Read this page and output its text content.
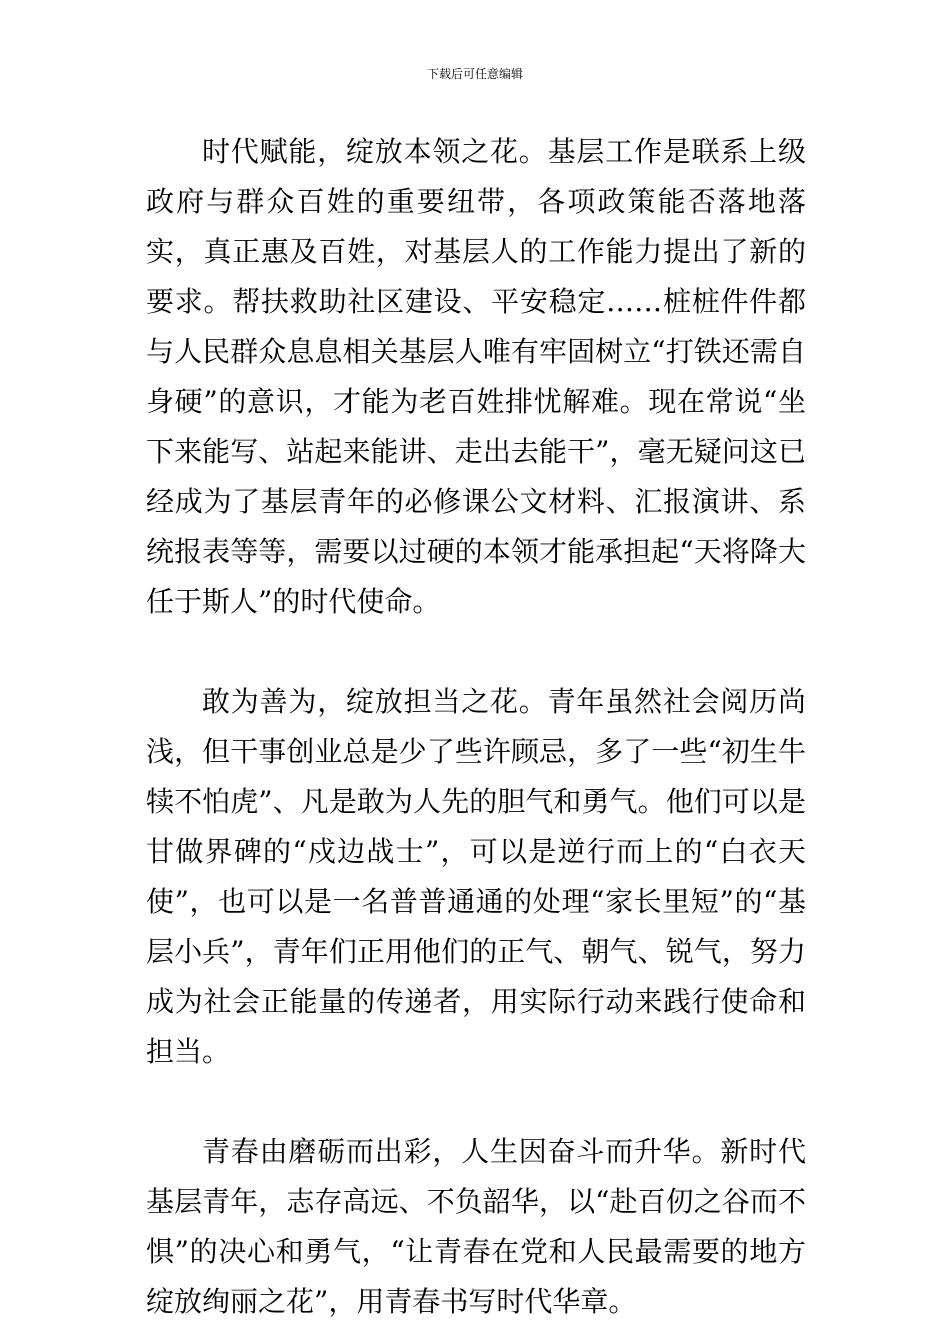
下载后可任意编辑

时代赋能，绽放本领之花。基层工作是联系上级政府与群众百姓的重要纽带，各项政策能否落地落实，真正惠及百姓，对基层人的工作能力提出了新的要求。帮扶救助社区建设、平安稳定……桩桩件件都与人民群众息息相关基层人唯有牢固树立“打铁还需自身硬”的意识，才能为老百姓排忧解难。现在常说“坐下来能写、站起来能讲、走出去能干”，毫无疑问这已经成为了基层青年的必修课公文材料、汇报演讲、系统报表等等，需要以过硬的本领才能承担起“天将降大任于斯人”的时代使命。

敢为善为，绽放担当之花。青年虽然社会阅历尚浅，但干事创业总是少了些许顾忌，多了一些“初生牛犊不怕虎”、凡是敢为人先的胆气和勇气。他们可以是甘做界碑的“戍边战士”，可以是逆行而上的“白衣天使”，也可以是一名普普通通的处理“家长里短”的“基层小兵”，青年们正用他们的正气、朝气、锐气，努力成为社会正能量的传递者，用实际行动来践行使命和担当。

青春由磨砺而出彩，人生因奋斗而升华。新时代基层青年，志存高远、不负韶华，以“赴百仞之谷而不惧”的决心和勇气，“让青春在党和人民最需要的地方绽放绚丽之花”，用青春书写时代华章。
